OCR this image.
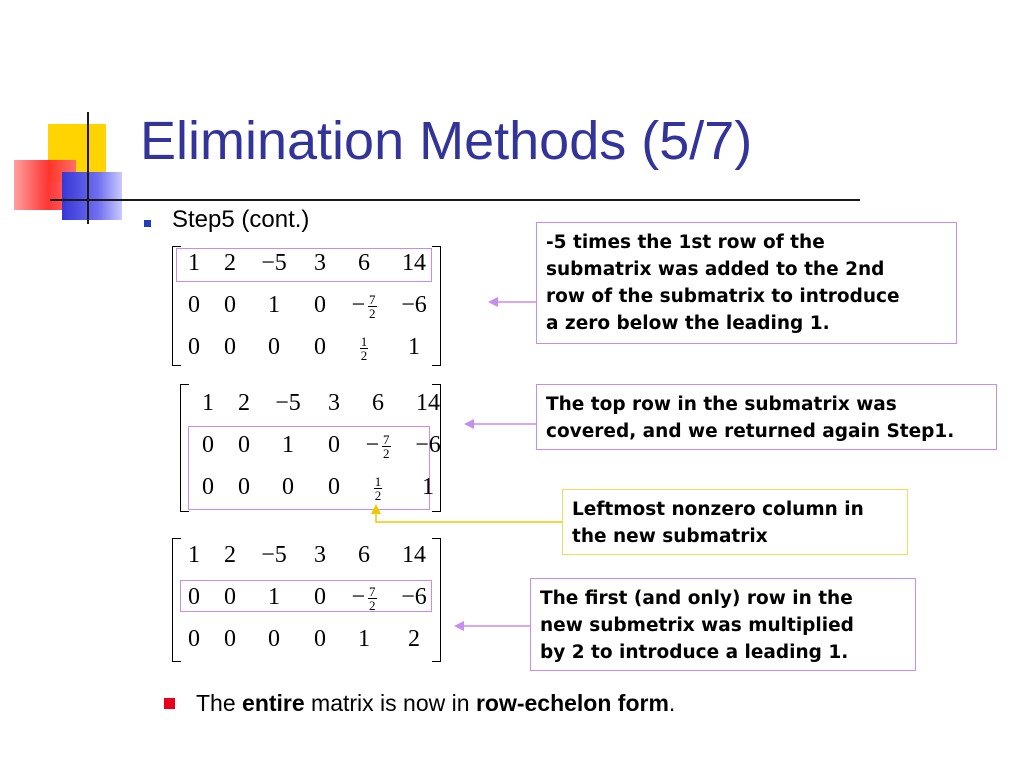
Elimination Methods (5/7)
Step5 (cont.)
1	2	−5	3	6	14
0	0	1	0	− $\frac{7}{2}$	−6
0	0	0	0	$\frac{1}{2}$	1
1	2	−5	3	6	14
0	0	1	0	− $\frac{7}{2}$	−6
0	0	0	0	$\frac{1}{2}$	1
1	2	−5	3	6	14
0	0	1	0	− $\frac{7}{2}$	−6
0	0	0	0	1	2
-5 times the 1st row of the
submatrix was added to the 2nd
row of the submatrix to introduce
a zero below the leading 1.
The top row in the submatrix was
covered, and we returned again Step1.
Leftmost nonzero column in
the new submatrix
The first (and only) row in the
new submetrix was multiplied
by 2 to introduce a leading 1.
The entire matrix is now in row-echelon form.
